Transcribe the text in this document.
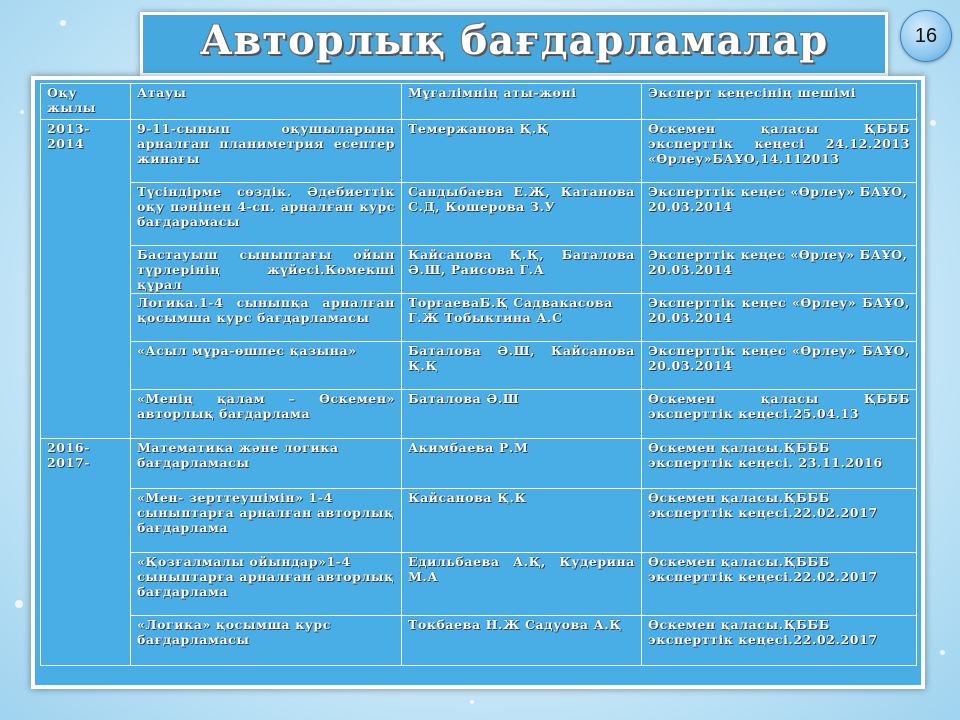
Авторлық бағдарламалар	16
Оқу жылы	Атауы	Мұғалімнің аты-жөні	Эксперт кеңесінің шешімі
2013-2014	9-11-сынып оқушыларына арналған планиметрия есептер жинағы	Темержанова Қ.Қ	Өскемен қаласы ҚБББ эксперттік кеңесі 24.12.2013 «Өрлеу»БАҰО,14.112013
	Түсіндірме сөздік. Әдебиеттік оқу пәнінен 4-сп. арналған курс бағдарамасы	Сандыбаева Е.Ж, Катанова С.Д, Кошерова З.У	Эксперттік кеңес «Өрлеу» БАҰО, 20.03.2014
	Бастауыш сыныптағы ойын түрлерінің жүйесі.Көмекші құрал	Кайсанова Қ.Қ, Баталова Ә.Ш, Раисова Г.А	Эксперттік кеңес «Өрлеу» БАҰО, 20.03.2014
	Логика.1-4 сыныпқа арналған қосымша курс бағдарламасы	ТорғаеваБ.Қ Садвакасова Г.Ж Тобыктина А.С	Эксперттік кеңес «Өрлеу» БАҰО, 20.03.2014
	«Асыл мұра-өшпес қазына»	Баталова Ә.Ш, Кайсанова Қ.Қ	Эксперттік кеңес «Өрлеу» БАҰО, 20.03.2014
	«Менің қалам – Өскемен» авторлық бағдарлама	Баталова Ә.Ш	Өскемен қаласы ҚБББ эксперттік кеңесі.25.04.13
2016-2017-	Математика және логика бағдарламасы	Акимбаева Р.М	Өскемен қаласы.ҚБББ эксперттік кеңесі. 23.11.2016
	«Мен- зерттеушімін» 1-4 сыныптарға арналған авторлық бағдарлама	Кайсанова Қ.К	Өскемен қаласы.ҚБББ эксперттік кеңесі.22.02.2017
	«Қозғалмалы ойындар»1-4 сыныптарға арналған авторлық бағдарлама	Едильбаева А.Қ, Кудерина М.А	Өскемен қаласы.ҚБББ эксперттік кеңесі.22.02.2017
	«Логика» қосымша курс бағдарламасы	Токбаева Н.Ж Садуова А.Қ	Өскемен қаласы.ҚБББ эксперттік кеңесі.22.02.2017
